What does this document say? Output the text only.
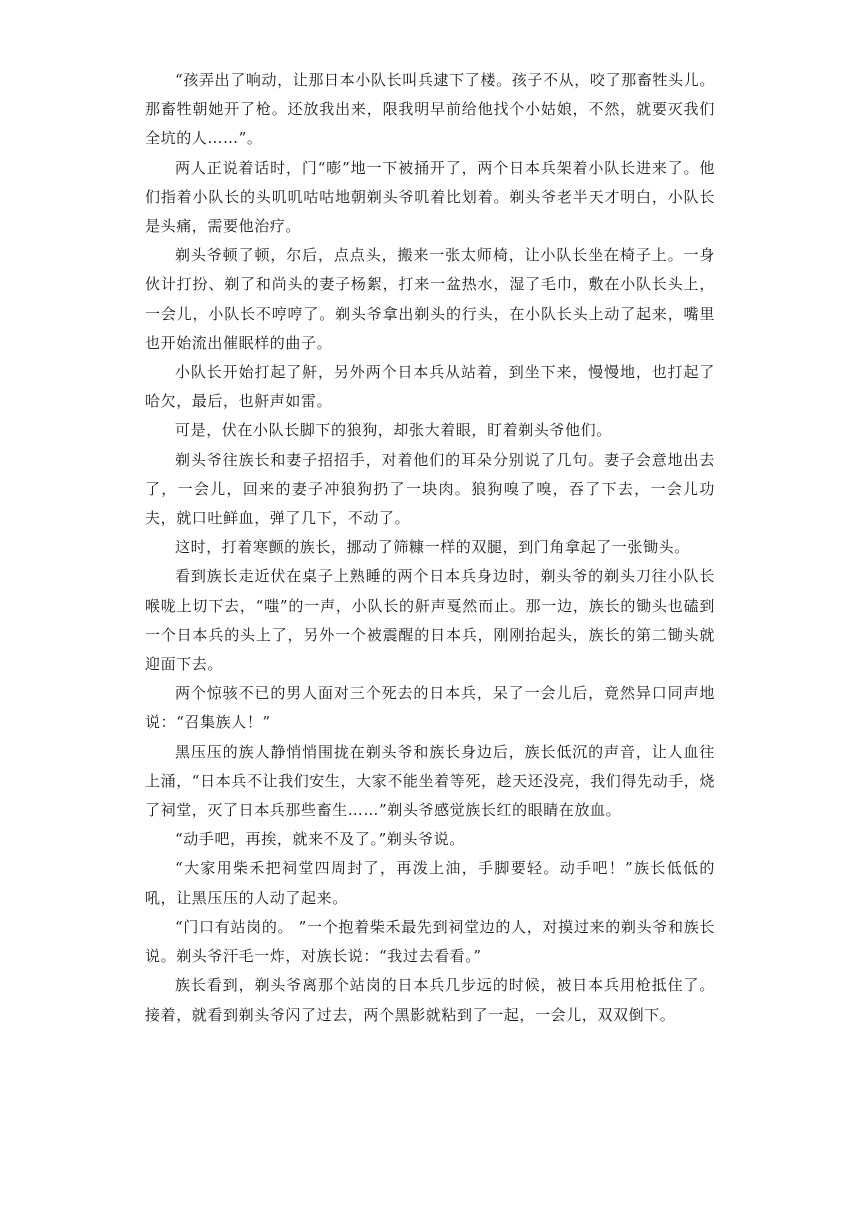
“孩弄出了响动，让那日本小队长叫兵逮下了楼。孩子不从，咬了那畜牲头儿。那畜牲朝她开了枪。还放我出来，限我明早前给他找个小姑娘，不然，就要灭我们全坑的人……”。

两人正说着话时，门“嘭”地一下被捅开了，两个日本兵架着小队长进来了。他们指着小队长的头叽叽咕咕地朝剃头爷叽着比划着。剃头爷老半天才明白，小队长是头痛，需要他治疗。

剃头爷顿了顿，尔后，点点头，搬来一张太师椅，让小队长坐在椅子上。一身伙计打扮、剃了和尚头的妻子杨絮，打来一盆热水，湿了毛巾，敷在小队长头上，一会儿，小队长不哼哼了。剃头爷拿出剃头的行头，在小队长头上动了起来，嘴里也开始流出催眠样的曲子。

小队长开始打起了鼾，另外两个日本兵从站着，到坐下来，慢慢地，也打起了哈欠，最后，也鼾声如雷。

可是，伏在小队长脚下的狼狗，却张大着眼，盯着剃头爷他们。

剃头爷往族长和妻子招招手，对着他们的耳朵分别说了几句。妻子会意地出去了，一会儿，回来的妻子冲狼狗扔了一块肉。狼狗嗅了嗅，吞了下去，一会儿功夫，就口吐鲜血，弹了几下，不动了。

这时，打着寒颤的族长，挪动了筛糠一样的双腿，到门角拿起了一张锄头。

看到族长走近伏在桌子上熟睡的两个日本兵身边时，剃头爷的剃头刀往小队长喉咙上切下去，“嗤”的一声，小队长的鼾声戛然而止。那一边，族长的锄头也磕到一个日本兵的头上了，另外一个被震醒的日本兵，刚刚抬起头，族长的第二锄头就迎面下去。

两个惊骇不已的男人面对三个死去的日本兵，呆了一会儿后，竟然异口同声地说：“召集族人！”

黑压压的族人静悄悄围拢在剃头爷和族长身边后，族长低沉的声音，让人血往上涌，“日本兵不让我们安生，大家不能坐着等死，趁天还没亮，我们得先动手，烧了祠堂，灭了日本兵那些畜生……”剃头爷感觉族长红的眼睛在放血。

“动手吧，再挨，就来不及了。”剃头爷说。

“大家用柴禾把祠堂四周封了，再泼上油，手脚要轻。动手吧！”族长低低的吼，让黑压压的人动了起来。

“门口有站岗的。 ”一个抱着柴禾最先到祠堂边的人，对摸过来的剃头爷和族长说。剃头爷汗毛一炸，对族长说：“我过去看看。”

族长看到，剃头爷离那个站岗的日本兵几步远的时候，被日本兵用枪抵住了。接着，就看到剃头爷闪了过去，两个黑影就粘到了一起，一会儿，双双倒下。
